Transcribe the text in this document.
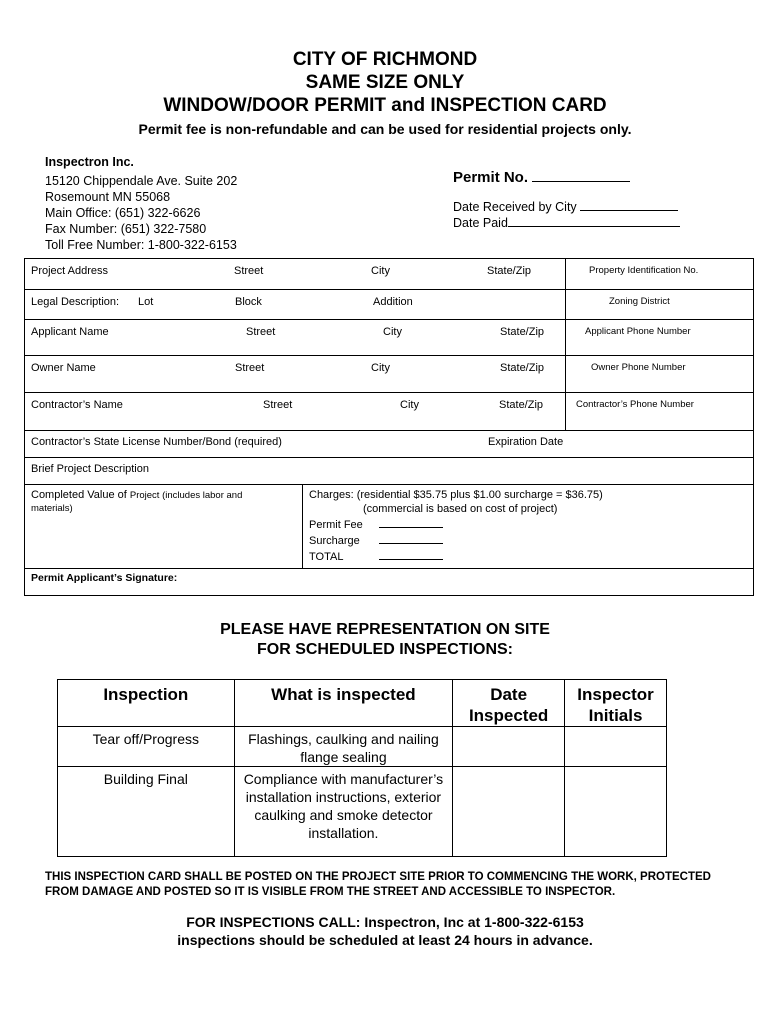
CITY OF RICHMOND
SAME SIZE ONLY
WINDOW/DOOR PERMIT and INSPECTION CARD
Permit fee is non-refundable and can be used for residential projects only.
Inspectron Inc.
15120 Chippendale Ave. Suite 202
Rosemount MN 55068
Main Office: (651) 322-6626
Fax Number: (651) 322-7580
Toll Free Number: 1-800-322-6153
Permit No.
Date Received by City
Date Paid
Project Address	Street	City	State/Zip	Property Identification No.
Legal Description: Lot	Block	Addition	Zoning District
Applicant Name	Street	City	State/Zip	Applicant Phone Number
Owner Name	Street	City	State/Zip	Owner Phone Number
Contractor’s Name	Street	City	State/Zip	Contractor’s Phone Number
Contractor’s State License Number/Bond (required)	Expiration Date
Brief Project Description
Completed Value of Project (includes labor and
materials)
Charges: (residential $35.75 plus $1.00 surcharge = $36.75)
(commercial is based on cost of project)
Permit Fee
Surcharge
TOTAL
Permit Applicant’s Signature:
PLEASE HAVE REPRESENTATION ON SITE
FOR SCHEDULED INSPECTIONS:
Inspection	What is inspected	Date Inspected	Inspector Initials
Tear off/Progress	Flashings, caulking and nailing flange sealing		
Building Final	Compliance with manufacturer’s installation instructions, exterior caulking and smoke detector installation.		
THIS INSPECTION CARD SHALL BE POSTED ON THE PROJECT SITE PRIOR TO COMMENCING THE WORK, PROTECTED FROM DAMAGE AND POSTED SO IT IS VISIBLE FROM THE STREET AND ACCESSIBLE TO INSPECTOR.
FOR INSPECTIONS CALL: Inspectron, Inc at 1-800-322-6153
inspections should be scheduled at least 24 hours in advance.
